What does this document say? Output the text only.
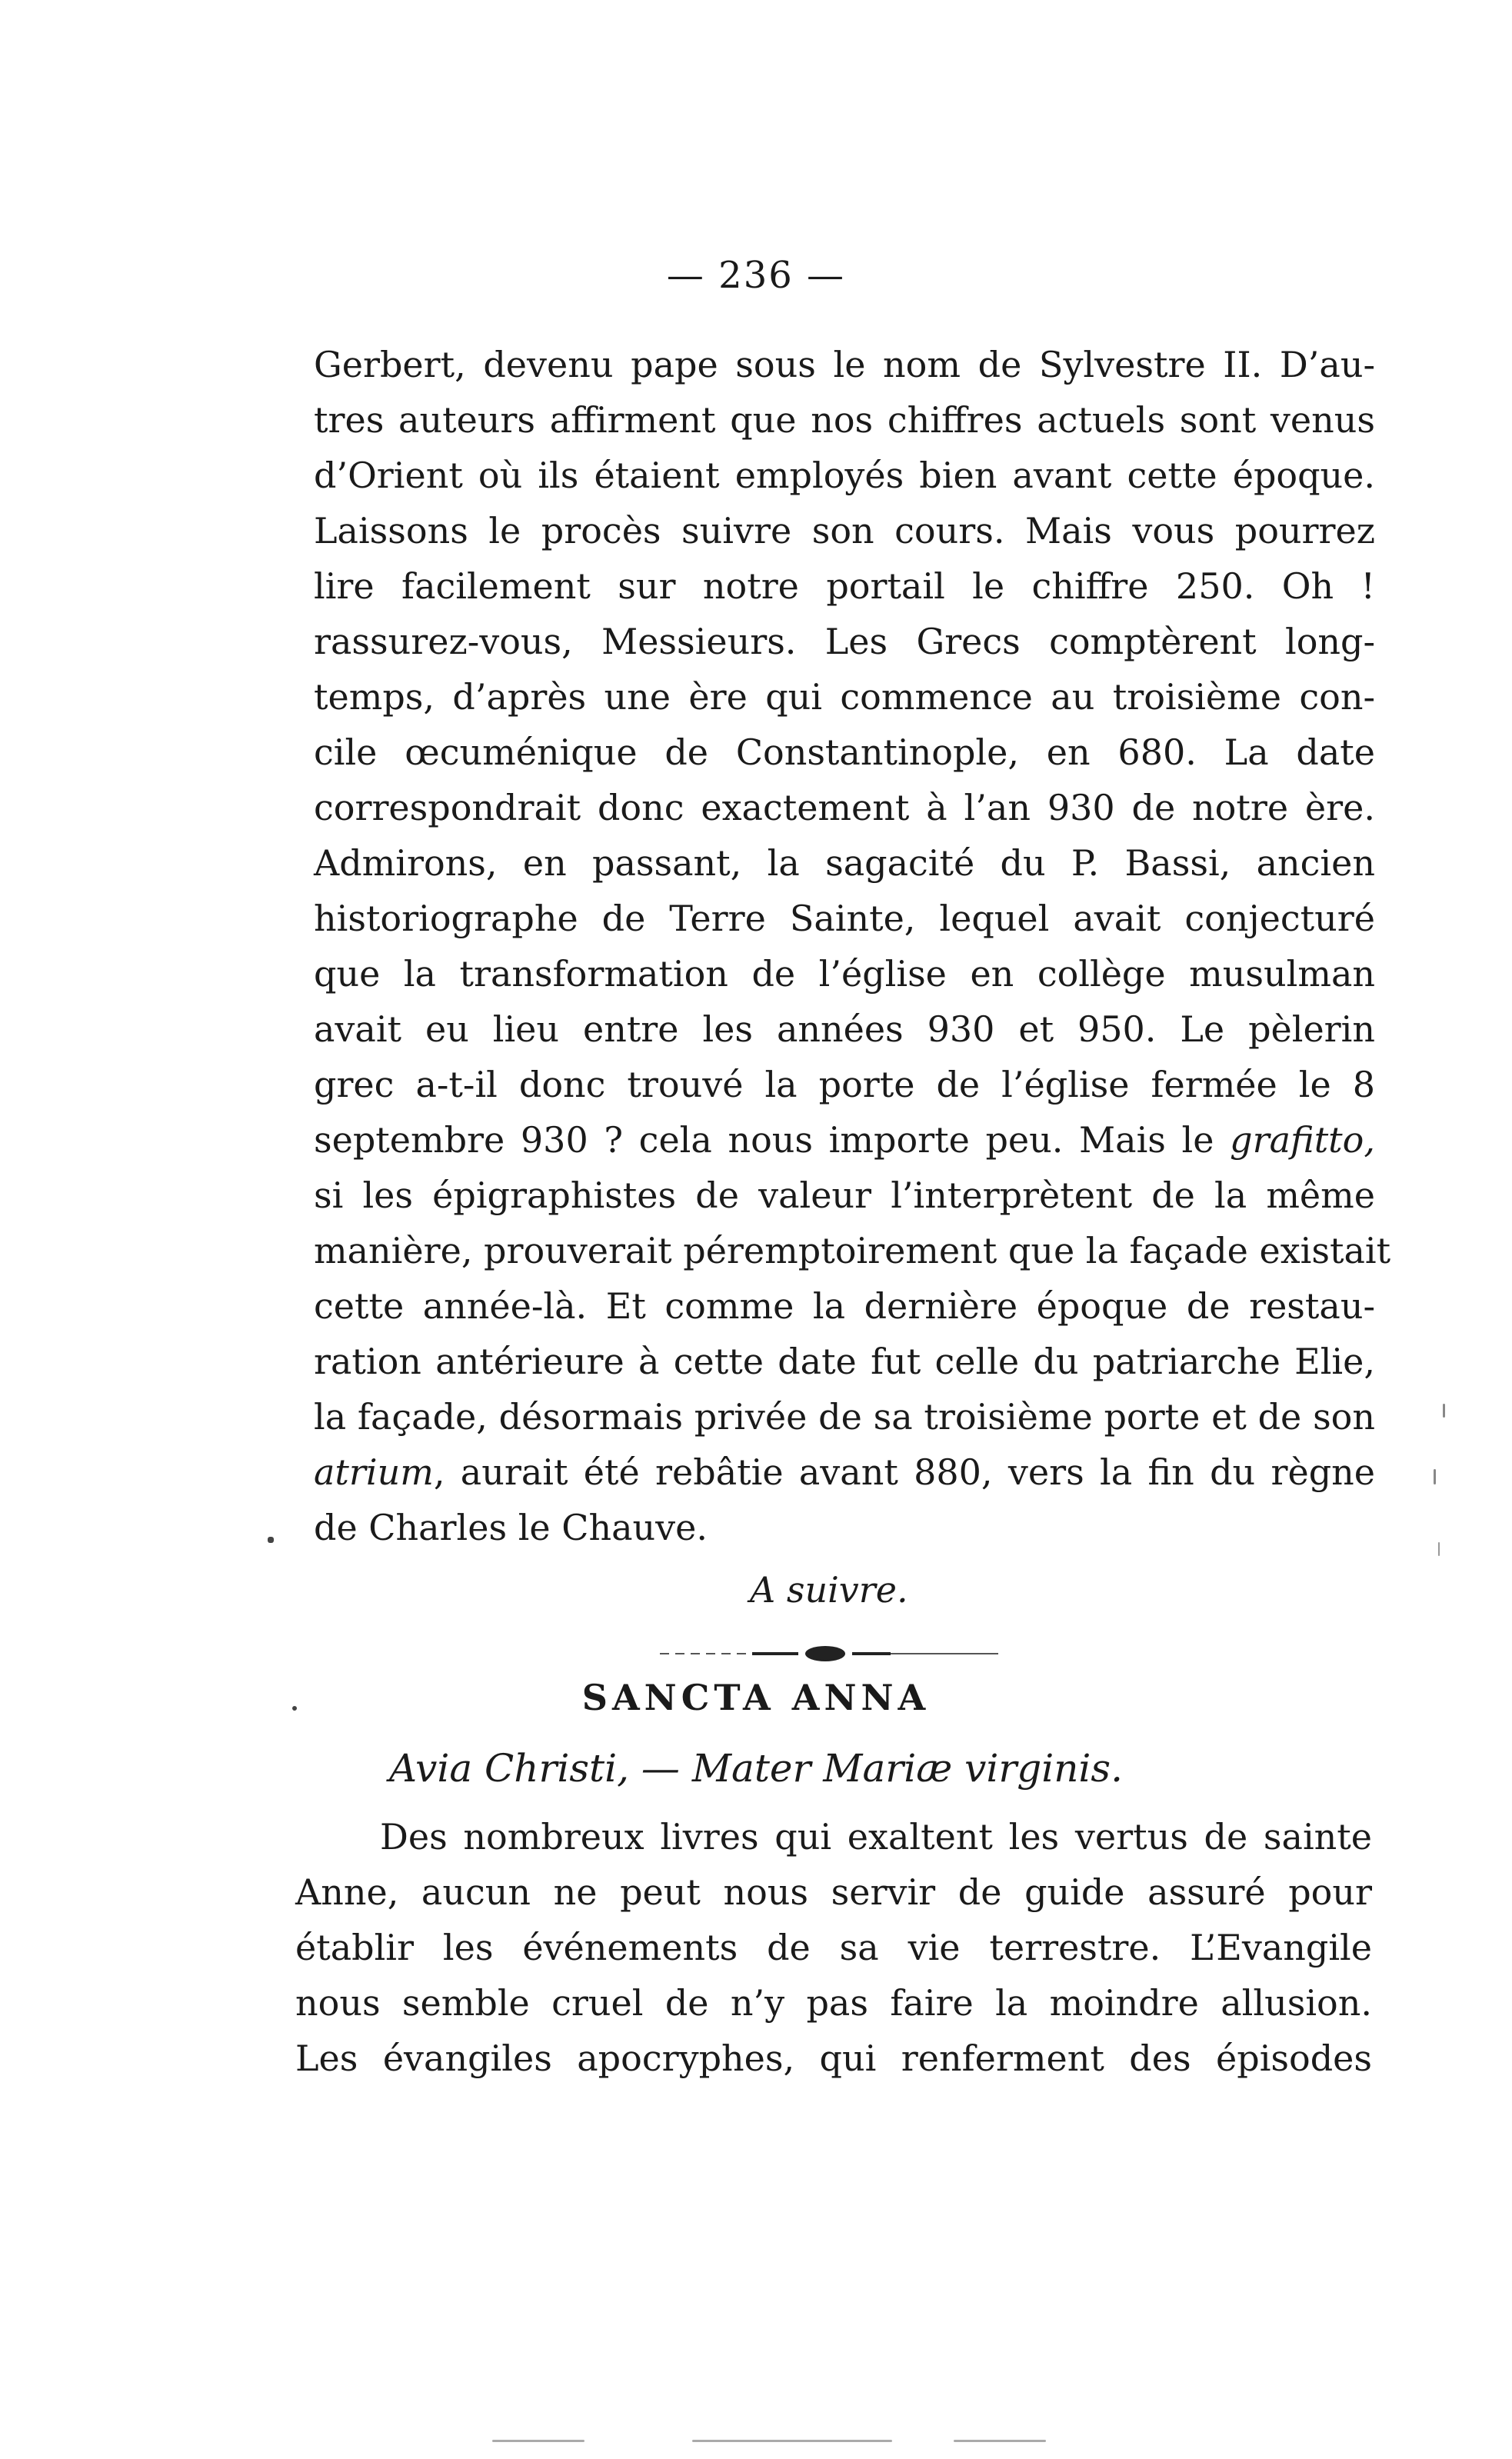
— 236 —
Gerbert, devenu pape sous le nom de Sylvestre II. D’au-
tres auteurs affirment que nos chiffres actuels sont venus
d’Orient où ils étaient employés bien avant cette époque.
Laissons le procès suivre son cours. Mais vous pourrez
lire facilement sur notre portail le chiffre 250. Oh !
rassurez-vous, Messieurs. Les Grecs comptèrent long-
temps, d’après une ère qui commence au troisième con-
cile œcuménique de Constantinople, en 680. La date
correspondrait donc exactement à l’an 930 de notre ère.
Admirons, en passant, la sagacité du P. Bassi, ancien
historiographe de Terre Sainte, lequel avait conjecturé
que la transformation de l’église en collège musulman
avait eu lieu entre les années 930 et 950. Le pèlerin
grec a-t-il donc trouvé la porte de l’église fermée le 8
septembre 930 ? cela nous importe peu. Mais le grafitto,
si les épigraphistes de valeur l’interprètent de la même
manière, prouverait péremptoirement que la façade existait
cette année-là. Et comme la dernière époque de restau-
ration antérieure à cette date fut celle du patriarche Elie,
la façade, désormais privée de sa troisième porte et de son
atrium, aurait été rebâtie avant 880, vers la fin du règne
de Charles le Chauve.
A suivre.
SANCTA ANNA
Avia Christi, — Mater Mariæ virginis.
Des nombreux livres qui exaltent les vertus de sainte
Anne, aucun ne peut nous servir de guide assuré pour
établir les événements de sa vie terrestre. L’Evangile
nous semble cruel de n’y pas faire la moindre allusion.
Les évangiles apocryphes, qui renferment des épisodes
